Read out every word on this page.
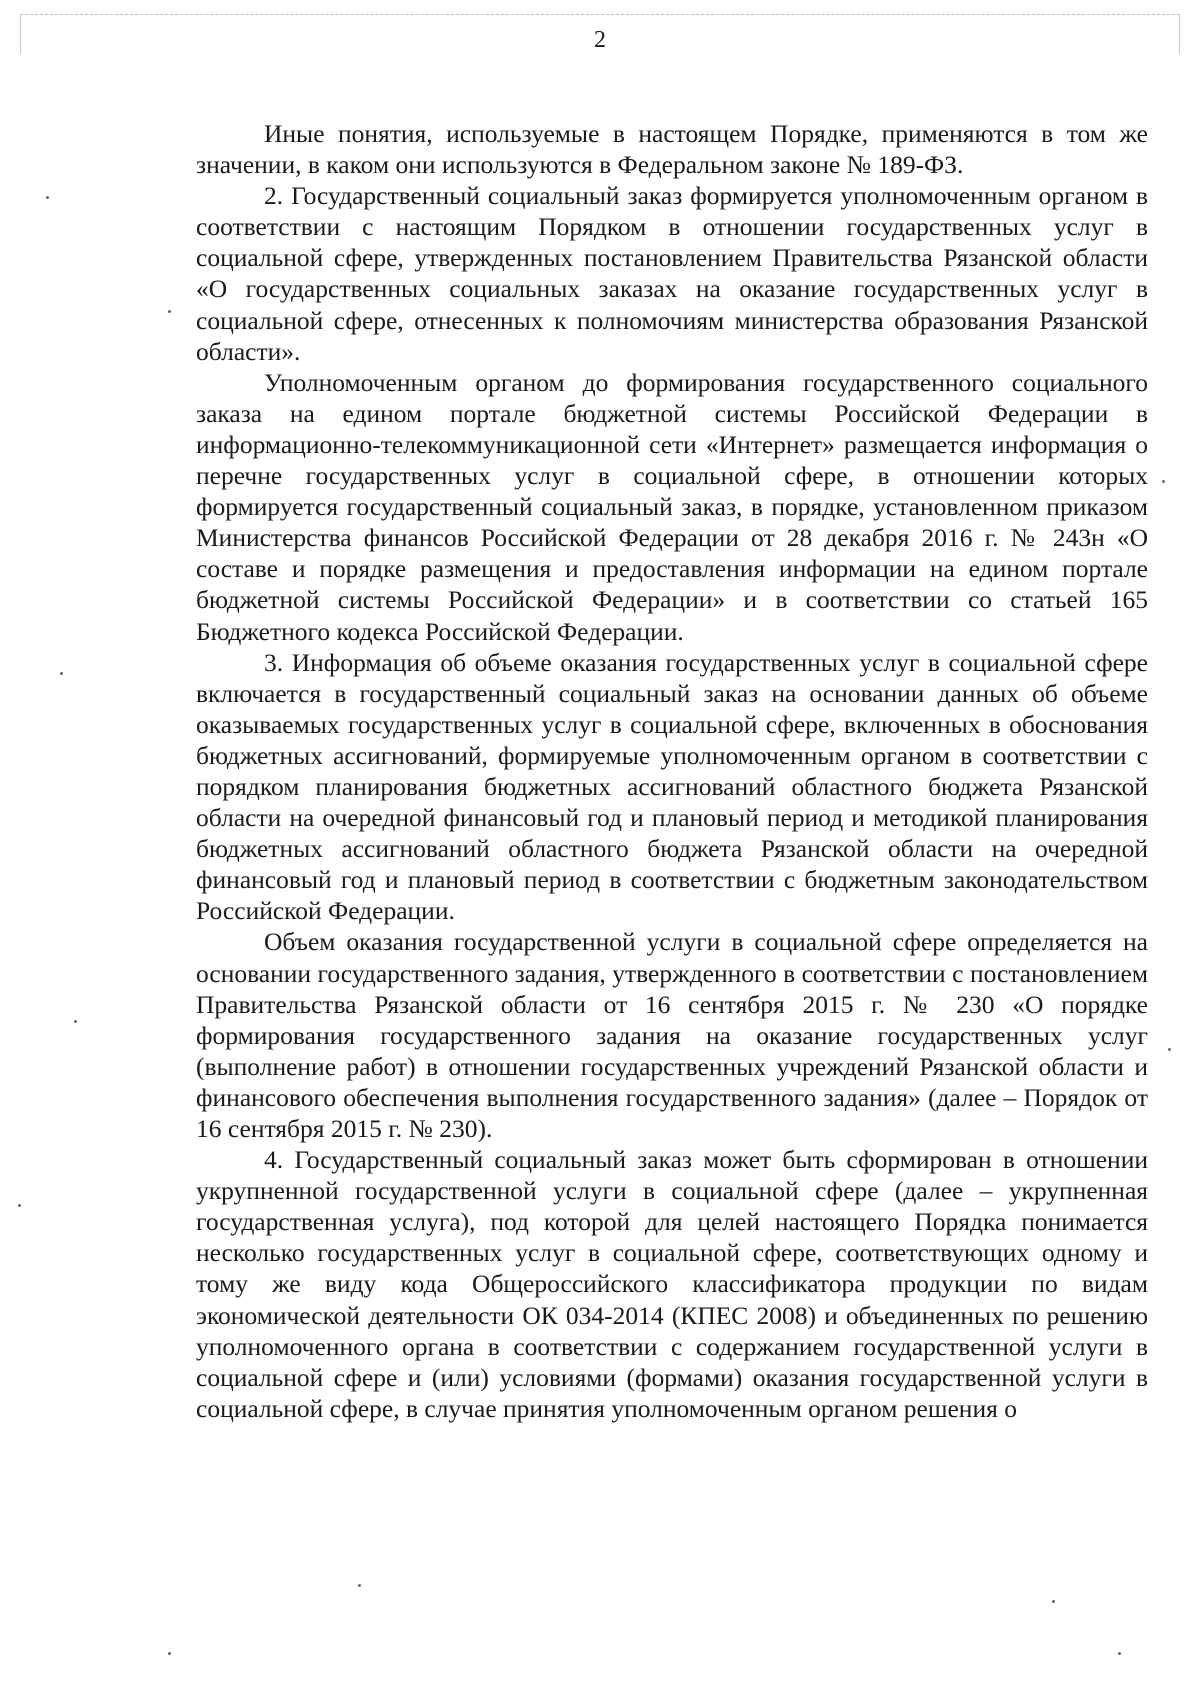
2

Иные понятия, используемые в настоящем Порядке, применяются в том же значении, в каком они используются в Федеральном законе № 189-ФЗ.

2. Государственный социальный заказ формируется уполномоченным органом в соответствии с настоящим Порядком в отношении государственных услуг в социальной сфере, утвержденных постановлением Правительства Рязанской области «О государственных социальных заказах на оказание государственных услуг в социальной сфере, отнесенных к полномочиям министерства образования Рязанской области».

Уполномоченным органом до формирования государственного социального заказа на едином портале бюджетной системы Российской Федерации в информационно-телекоммуникационной сети «Интернет» размещается информация о перечне государственных услуг в социальной сфере, в отношении которых формируется государственный социальный заказ, в порядке, установленном приказом Министерства финансов Российской Федерации от 28 декабря 2016 г. № 243н «О составе и порядке размещения и предоставления информации на едином портале бюджетной системы Российской Федерации» и в соответствии со статьей 165 Бюджетного кодекса Российской Федерации.

3. Информация об объеме оказания государственных услуг в социальной сфере включается в государственный социальный заказ на основании данных об объеме оказываемых государственных услуг в социальной сфере, включенных в обоснования бюджетных ассигнований, формируемые уполномоченным органом в соответствии с порядком планирования бюджетных ассигнований областного бюджета Рязанской области на очередной финансовый год и плановый период и методикой планирования бюджетных ассигнований областного бюджета Рязанской области на очередной финансовый год и плановый период в соответствии с бюджетным законодательством Российской Федерации.

Объем оказания государственной услуги в социальной сфере определяется на основании государственного задания, утвержденного в соответствии с постановлением Правительства Рязанской области от 16 сентября 2015 г. № 230 «О порядке формирования государственного задания на оказание государственных услуг (выполнение работ) в отношении государственных учреждений Рязанской области и финансового обеспечения выполнения государственного задания» (далее – Порядок от 16 сентября 2015 г. № 230).

4. Государственный социальный заказ может быть сформирован в отношении укрупненной государственной услуги в социальной сфере (далее – укрупненная государственная услуга), под которой для целей настоящего Порядка понимается несколько государственных услуг в социальной сфере, соответствующих одному и тому же виду кода Общероссийского классификатора продукции по видам экономической деятельности ОК 034-2014 (КПЕС 2008) и объединенных по решению уполномоченного органа в соответствии с содержанием государственной услуги в социальной сфере и (или) условиями (формами) оказания государственной услуги в социальной сфере, в случае принятия уполномоченным органом решения о
